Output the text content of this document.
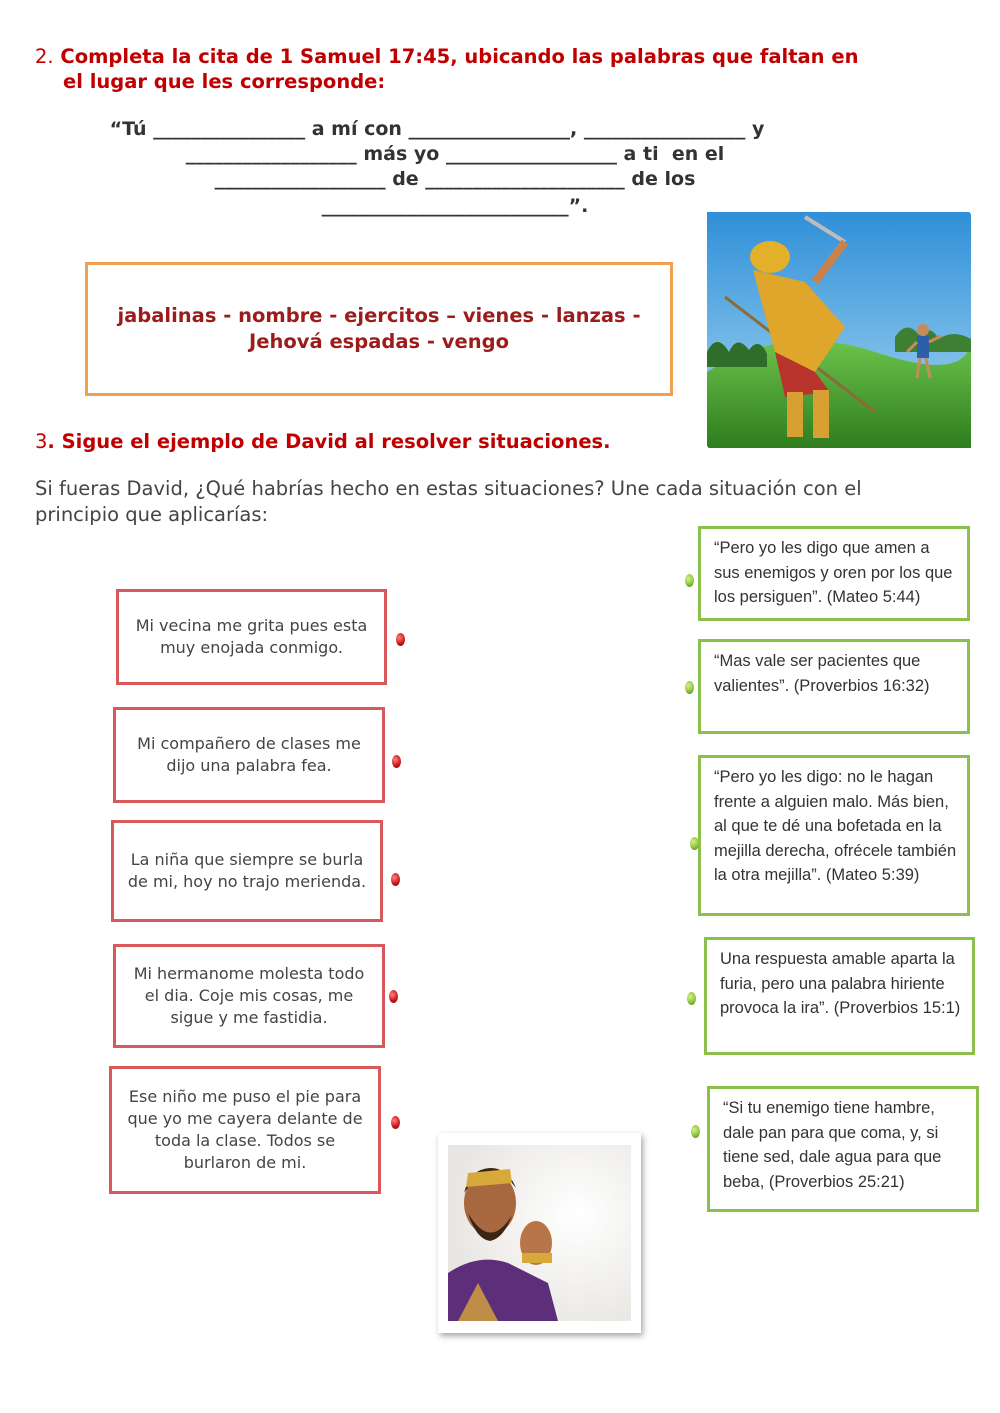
2. Completa la cita de 1 Samuel 17:45, ubicando las palabras que faltan en
el lugar que les corresponde:
“Tú ________________ a mí con _________________, _________________ y
__________________ más yo __________________ a ti  en el
__________________ de _____________________ de los
__________________________”.
jabalinas - nombre - ejercitos – vienes - lanzas -
Jehová espadas - vengo
3. Sigue el ejemplo de David al resolver situaciones.
Si fueras David, ¿Qué habrías hecho en estas situaciones? Une cada situación con el
principio que aplicarías:
Mi vecina me grita pues esta muy enojada conmigo.
Mi compañero de clases me dijo una palabra fea.
La niña que siempre se burla de mi, hoy no trajo merienda.
Mi hermanome molesta todo el dia. Coje mis cosas, me sigue y me fastidia.
Ese niño me puso el pie para que yo me cayera delante de toda la clase. Todos se burlaron de mi.
“Pero yo les digo que amen a sus enemigos y oren por los que los persiguen”. (Mateo 5:44)
“Mas vale ser pacientes que valientes”. (Proverbios 16:32)
“Pero yo les digo: no le hagan frente a alguien malo. Más bien, al que te dé una bofetada en la mejilla derecha, ofrécele también la otra mejilla”. (Mateo 5:39)
Una respuesta amable aparta la furia, pero una palabra hiriente provoca la ira”. (Proverbios 15:1)
“Si tu enemigo tiene hambre, dale pan para que coma, y, si tiene sed, dale agua para que beba, (Proverbios 25:21)
